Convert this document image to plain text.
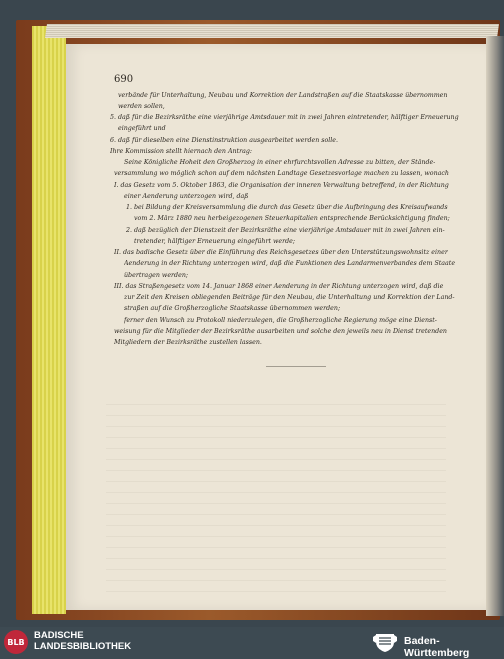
690
verbände für Unterhaltung, Neubau und Korrektion der Landstraßen auf die Staatskasse übernommen
werden sollen,
5. daß für die Bezirksräthe eine vierjährige Amtsdauer mit in zwei Jahren eintretender, hälftiger Erneuerung
eingeführt und
6. daß für dieselben eine Dienstinstruktion ausgearbeitet werden solle.
Ihre Kommission stellt hiernach den Antrag:
Seine Königliche Hoheit den Großherzog in einer ehrfurchtsvollen Adresse zu bitten, der Stände-
versammlung wo möglich schon auf dem nächsten Landtage Gesetzesvorlage machen zu lassen, wonach
I. das Gesetz vom 5. Oktober 1863, die Organisation der inneren Verwaltung betreffend, in der Richtung
einer Aenderung unterzogen wird, daß
1. bei Bildung der Kreisversammlung die durch das Gesetz über die Aufbringung des Kreisaufwands
vom 2. März 1880 neu herbeigezogenen Steuerkapitalien entsprechende Berücksichtigung finden;
2. daß bezüglich der Dienstzeit der Bezirksräthe eine vierjährige Amtsdauer mit in zwei Jahren ein-
tretender, hälftiger Erneuerung eingeführt werde;
II. das badische Gesetz über die Einführung des Reichsgesetzes über den Unterstützungswohnsitz einer
Aenderung in der Richtung unterzogen wird, daß die Funktionen des Landarmenverbandes dem Staate
übertragen werden;
III. das Straßengesetz vom 14. Januar 1868 einer Aenderung in der Richtung unterzogen wird, daß die
zur Zeit den Kreisen obliegenden Beiträge für den Neubau, die Unterhaltung und Korrektion der Land-
straßen auf die Großherzogliche Staatskasse übernommen werden;
ferner den Wunsch zu Protokoll niederzulegen, die Großherzogliche Regierung möge eine Dienst-
weisung für die Mitglieder der Bezirksräthe ausarbeiten und solche den jeweils neu in Dienst tretenden
Mitgliedern der Bezirksräthe zustellen lassen.
BLB
BADISCHE
LANDESBIBLIOTHEK	Baden-Württemberg
